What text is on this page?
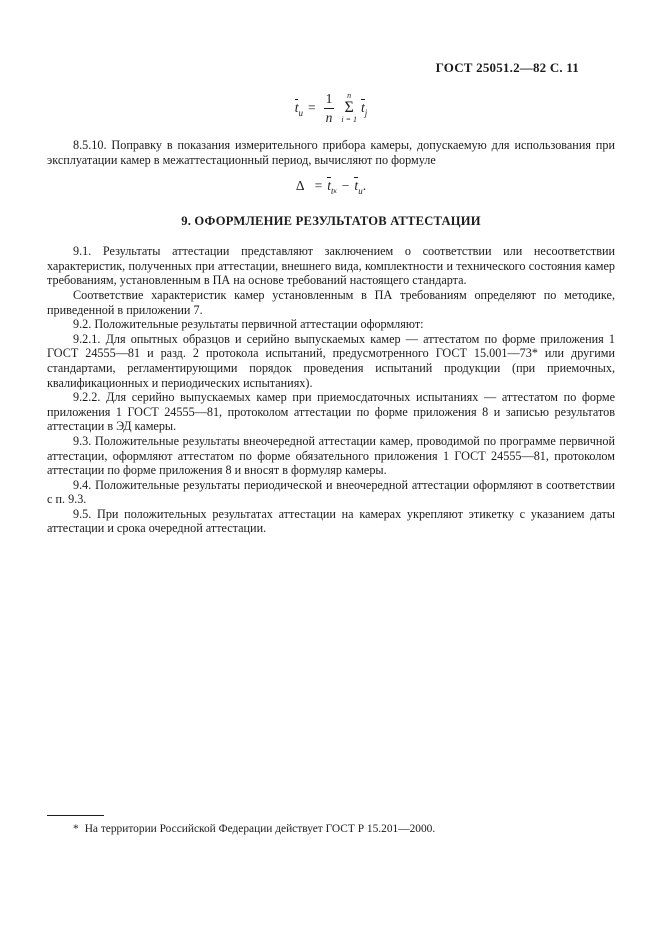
ГОСТ 25051.2—82 С. 11
$t_и = \frac{1}{n}$ n
Σ
i = 1
$t_j$
8.5.10. Поправку в показания измерительного прибора камеры, допускаемую для использования при эксплуатации камер в межаттестационный период, вычисляют по формуле
$\Delta = t_{tк} - t_и$ .
9. ОФОРМЛЕНИЕ РЕЗУЛЬТАТОВ АТТЕСТАЦИИ
9.1. Результаты аттестации представляют заключением о соответствии или несоответствии характеристик, полученных при аттестации, внешнего вида, комплектности и технического состояния камер требованиям, установленным в ПА на основе требований настоящего стандарта.
Соответствие характеристик камер установленным в ПА требованиям определяют по методике, приведенной в приложении 7.
9.2. Положительные результаты первичной аттестации оформляют:
9.2.1. Для опытных образцов и серийно выпускаемых камер — аттестатом по форме приложения 1 ГОСТ 24555—81 и разд. 2 протокола испытаний, предусмотренного ГОСТ 15.001—73* или другими стандартами, регламентирующими порядок проведения испытаний продукции (при приемочных, квалификационных и периодических испытаниях).
9.2.2. Для серийно выпускаемых камер при приемосдаточных испытаниях — аттестатом по форме приложения 1 ГОСТ 24555—81, протоколом аттестации по форме приложения 8 и записью результатов аттестации в ЭД камеры.
9.3. Положительные результаты внеочередной аттестации камер, проводимой по программе первичной аттестации, оформляют аттестатом по форме обязательного приложения 1 ГОСТ 24555—81, протоколом аттестации по форме приложения 8 и вносят в формуляр камеры.
9.4. Положительные результаты периодической и внеочередной аттестации оформляют в соответствии с п. 9.3.
9.5. При положительных результатах аттестации на камерах укрепляют этикетку с указанием даты аттестации и срока очередной аттестации.
* На территории Российской Федерации действует ГОСТ Р 15.201—2000.
